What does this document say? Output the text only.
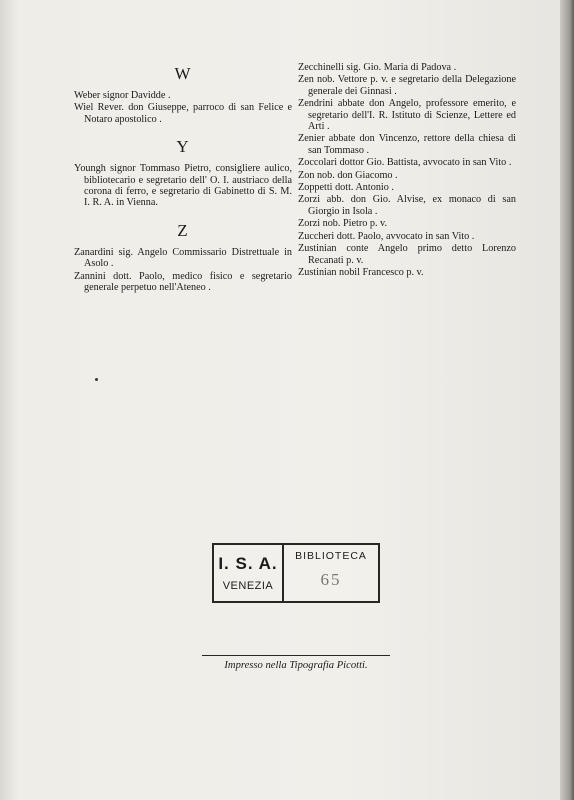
W

Weber signor Davidde .

Wiel Rever. don Giuseppe, parroco di san Felice e Notaro apostolico .

Y

Youngh signor Tommaso Pietro, consigliere aulico, bibliotecario e segretario dell' O. I. austriaco della corona di ferro, e segretario di Gabinetto di S. M. I. R. A. in Vienna.

Z

Zanardini sig. Angelo Commissario Distrettuale in Asolo .

Zannini dott. Paolo, medico fisico e segretario generale perpetuo nell'Ateneo .

Zecchinelli sig. Gio. Maria di Padova .

Zen nob. Vettore p. v. e segretario della Delegazione generale dei Ginnasi .

Zendrini abbate don Angelo, professore emerito, e segretario dell'I. R. Istituto di Scienze, Lettere ed Arti .

Zenier abbate don Vincenzo, rettore della chiesa di san Tommaso .

Zoccolari dottor Gio. Battista, avvocato in san Vito .

Zon nob. don Giacomo .

Zoppetti dott. Antonio .

Zorzi abb. don Gio. Alvise, ex monaco di san Giorgio in Isola .

Zorzi nob. Pietro p. v.

Zuccheri dott. Paolo, avvocato in san Vito .

Zustinian conte Angelo primo detto Lorenzo Recanati p. v.

Zustinian nobil Francesco p. v.

I. S. A.
VENEZIA
BIBLIOTECA
65
Impresso nella Tipografia Picotti.
